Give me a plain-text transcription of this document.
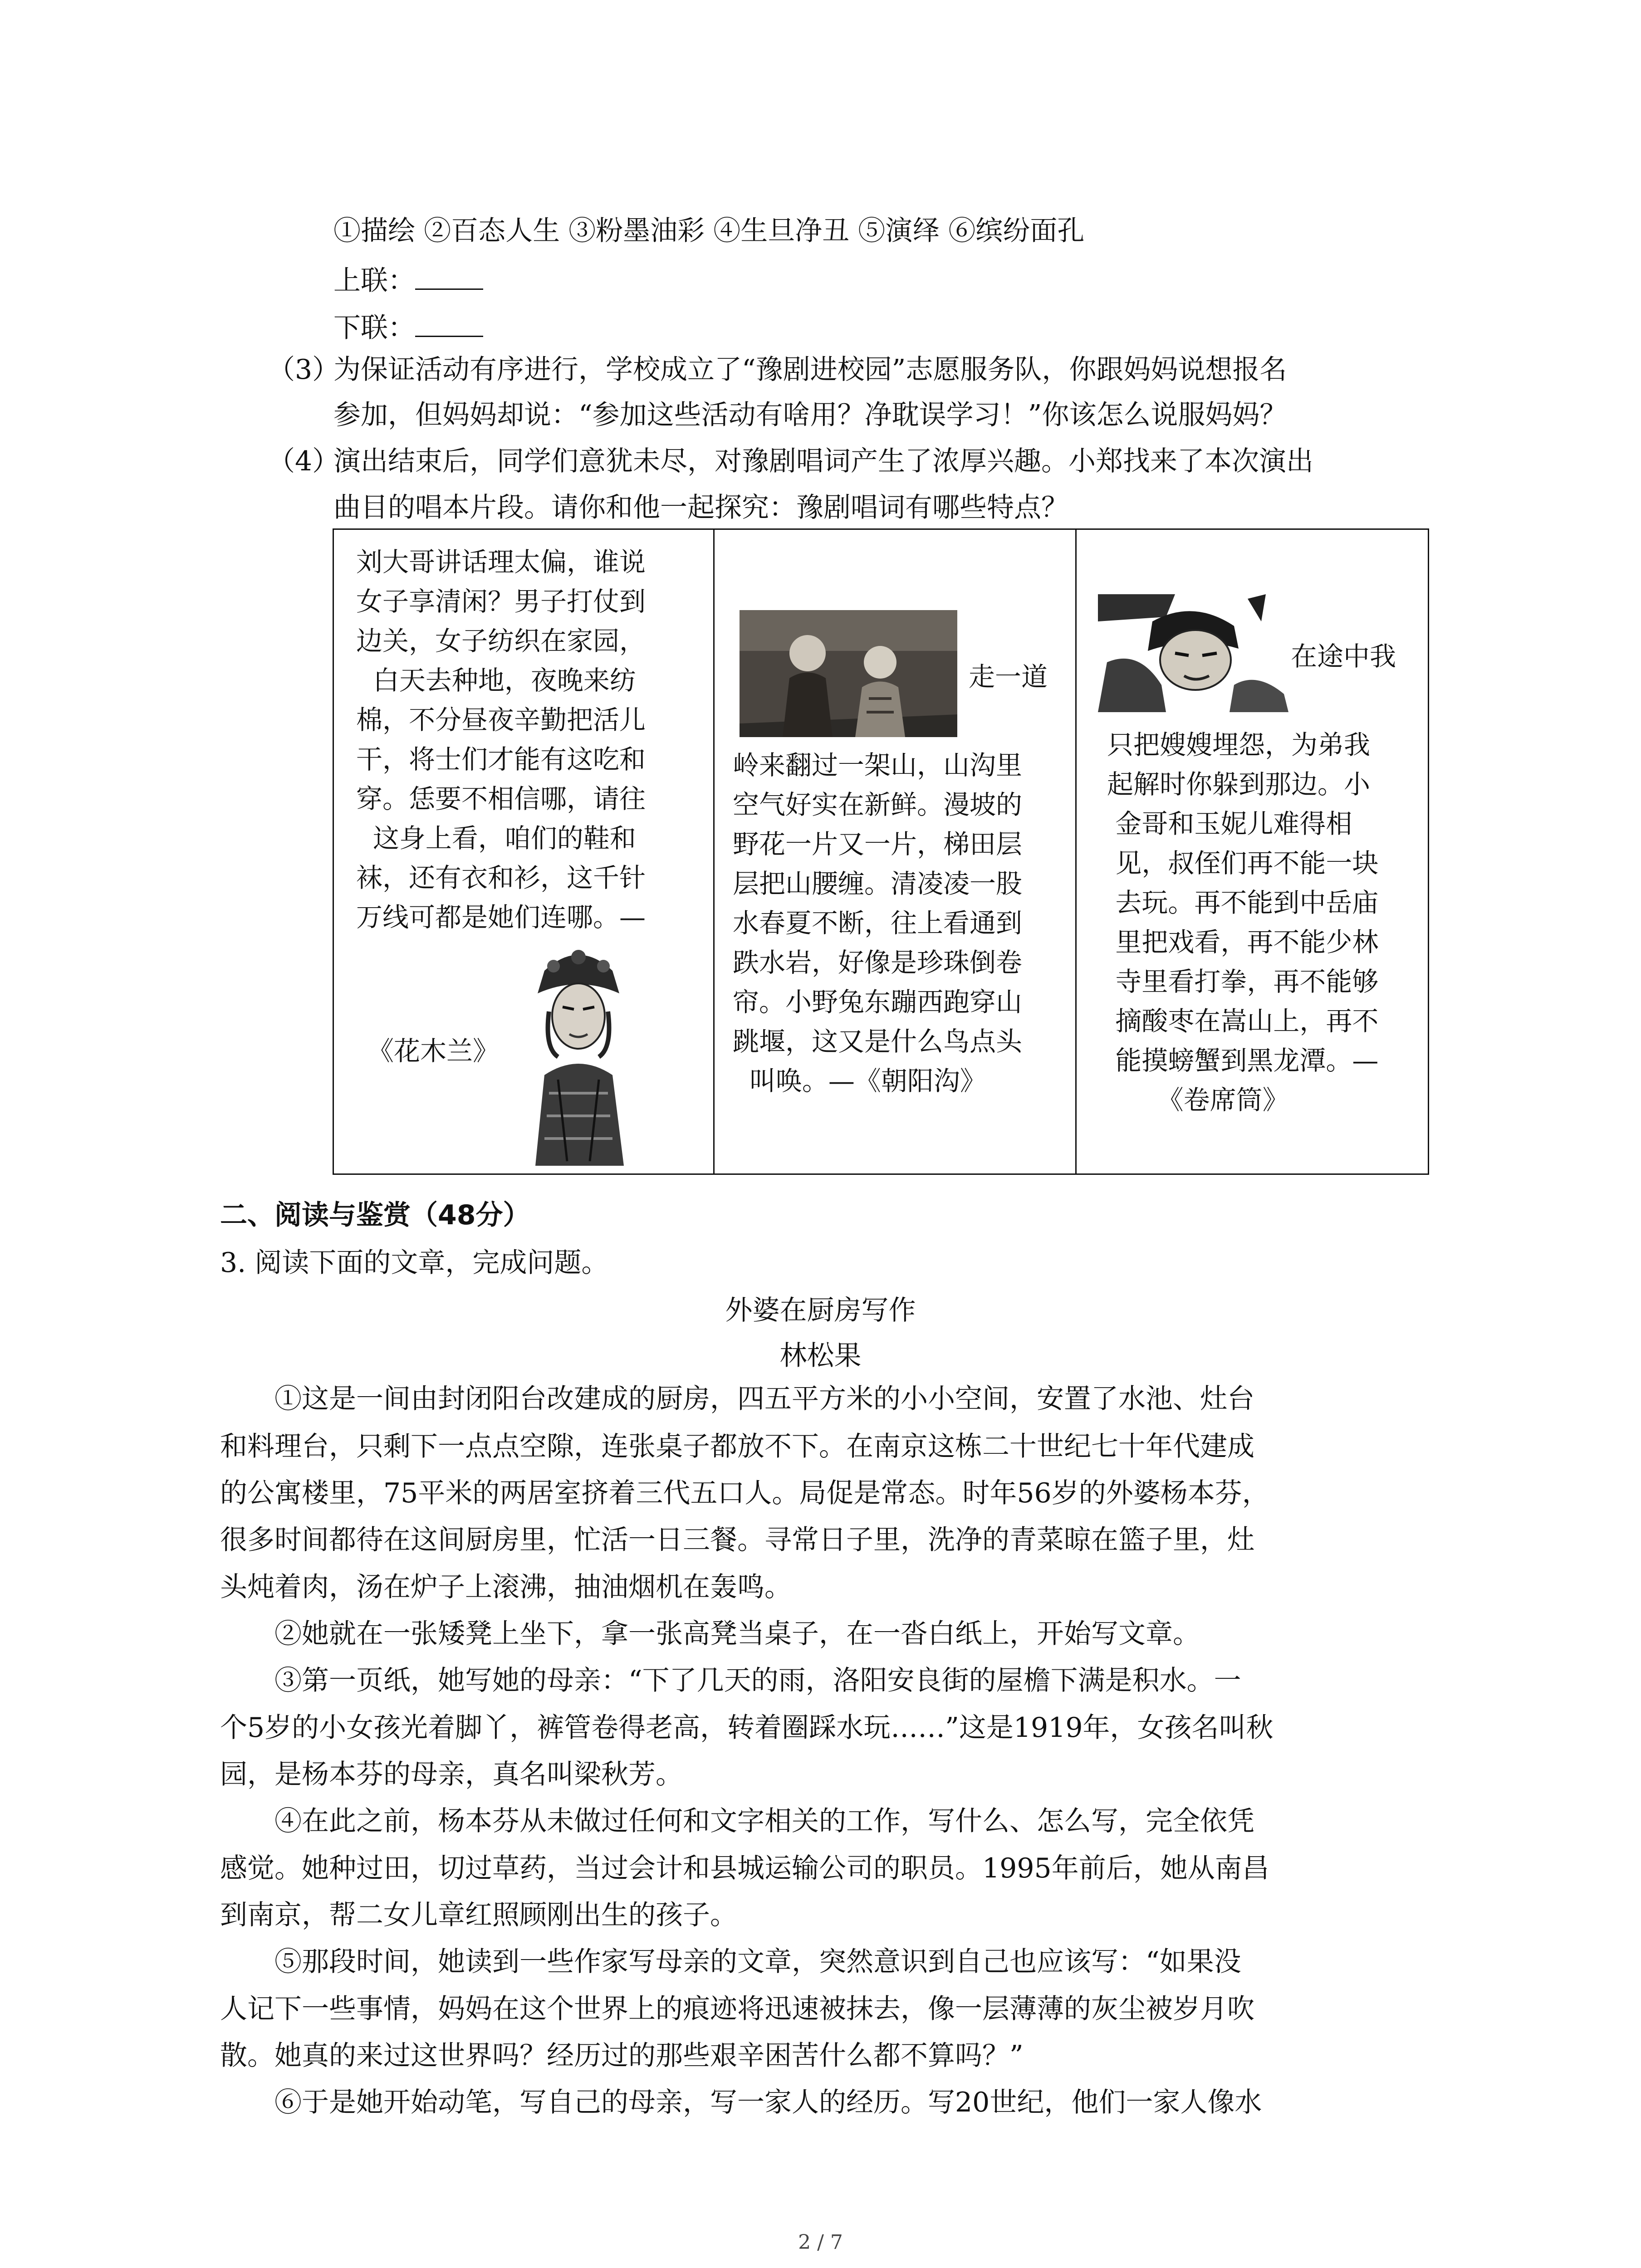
①描绘 ②百态人生 ③粉墨油彩 ④生旦净丑 ⑤演绎 ⑥缤纷面孔
上联：
下联：
（3）
为保证活动有序进行，学校成立了“豫剧进校园”志愿服务队，你跟妈妈说想报名
参加，但妈妈却说：“参加这些活动有啥用？净耽误学习！”你该怎么说服妈妈？
（4）
演出结束后，同学们意犹未尽，对豫剧唱词产生了浓厚兴趣。小郑找来了本次演出
曲目的唱本片段。请你和他一起探究：豫剧唱词有哪些特点？
刘大哥讲话理太偏，谁说
女子享清闲？男子打仗到
边关，女子纺织在家园，
白天去种地，夜晚来纺
棉，不分昼夜辛勤把活儿
干，将士们才能有这吃和
穿。恁要不相信哪，请往
这身上看，咱们的鞋和
袜，还有衣和衫，这千针
万线可都是她们连哪。—
《花木兰》
走一道
岭来翻过一架山，山沟里
空气好实在新鲜。漫坡的
野花一片又一片，梯田层
层把山腰缠。清凌凌一股
水春夏不断，往上看通到
跌水岩，好像是珍珠倒卷
帘。小野兔东蹦西跑穿山
跳堰，这又是什么鸟点头
叫唤。—《朝阳沟》
在途中我
只把嫂嫂埋怨，为弟我
起解时你躲到那边。小
金哥和玉妮儿难得相
见，叔侄们再不能一块
去玩。再不能到中岳庙
里把戏看，再不能少林
寺里看打拳，再不能够
摘酸枣在嵩山上，再不
能摸螃蟹到黑龙潭。—
《卷席筒》
二、阅读与鉴赏（48分）
3. 阅读下面的文章，完成问题。
外婆在厨房写作
林松果
　　①这是一间由封闭阳台改建成的厨房，四五平方米的小小空间，安置了水池、灶台
和料理台，只剩下一点点空隙，连张桌子都放不下。在南京这栋二十世纪七十年代建成
的公寓楼里，75平米的两居室挤着三代五口人。局促是常态。时年56岁的外婆杨本芬，
很多时间都待在这间厨房里，忙活一日三餐。寻常日子里，洗净的青菜晾在篮子里，灶
头炖着肉，汤在炉子上滚沸，抽油烟机在轰鸣。
　　②她就在一张矮凳上坐下，拿一张高凳当桌子，在一沓白纸上，开始写文章。
　　③第一页纸，她写她的母亲：“下了几天的雨，洛阳安良街的屋檐下满是积水。一
个5岁的小女孩光着脚丫，裤管卷得老高，转着圈踩水玩……”这是1919年，女孩名叫秋
园，是杨本芬的母亲，真名叫梁秋芳。
　　④在此之前，杨本芬从未做过任何和文字相关的工作，写什么、怎么写，完全依凭
感觉。她种过田，切过草药，当过会计和县城运输公司的职员。1995年前后，她从南昌
到南京，帮二女儿章红照顾刚出生的孩子。
　　⑤那段时间，她读到一些作家写母亲的文章，突然意识到自己也应该写：“如果没
人记下一些事情，妈妈在这个世界上的痕迹将迅速被抹去，像一层薄薄的灰尘被岁月吹
散。她真的来过这世界吗？经历过的那些艰辛困苦什么都不算吗？”
　　⑥于是她开始动笔，写自己的母亲，写一家人的经历。写20世纪，他们一家人像水
2 / 7
